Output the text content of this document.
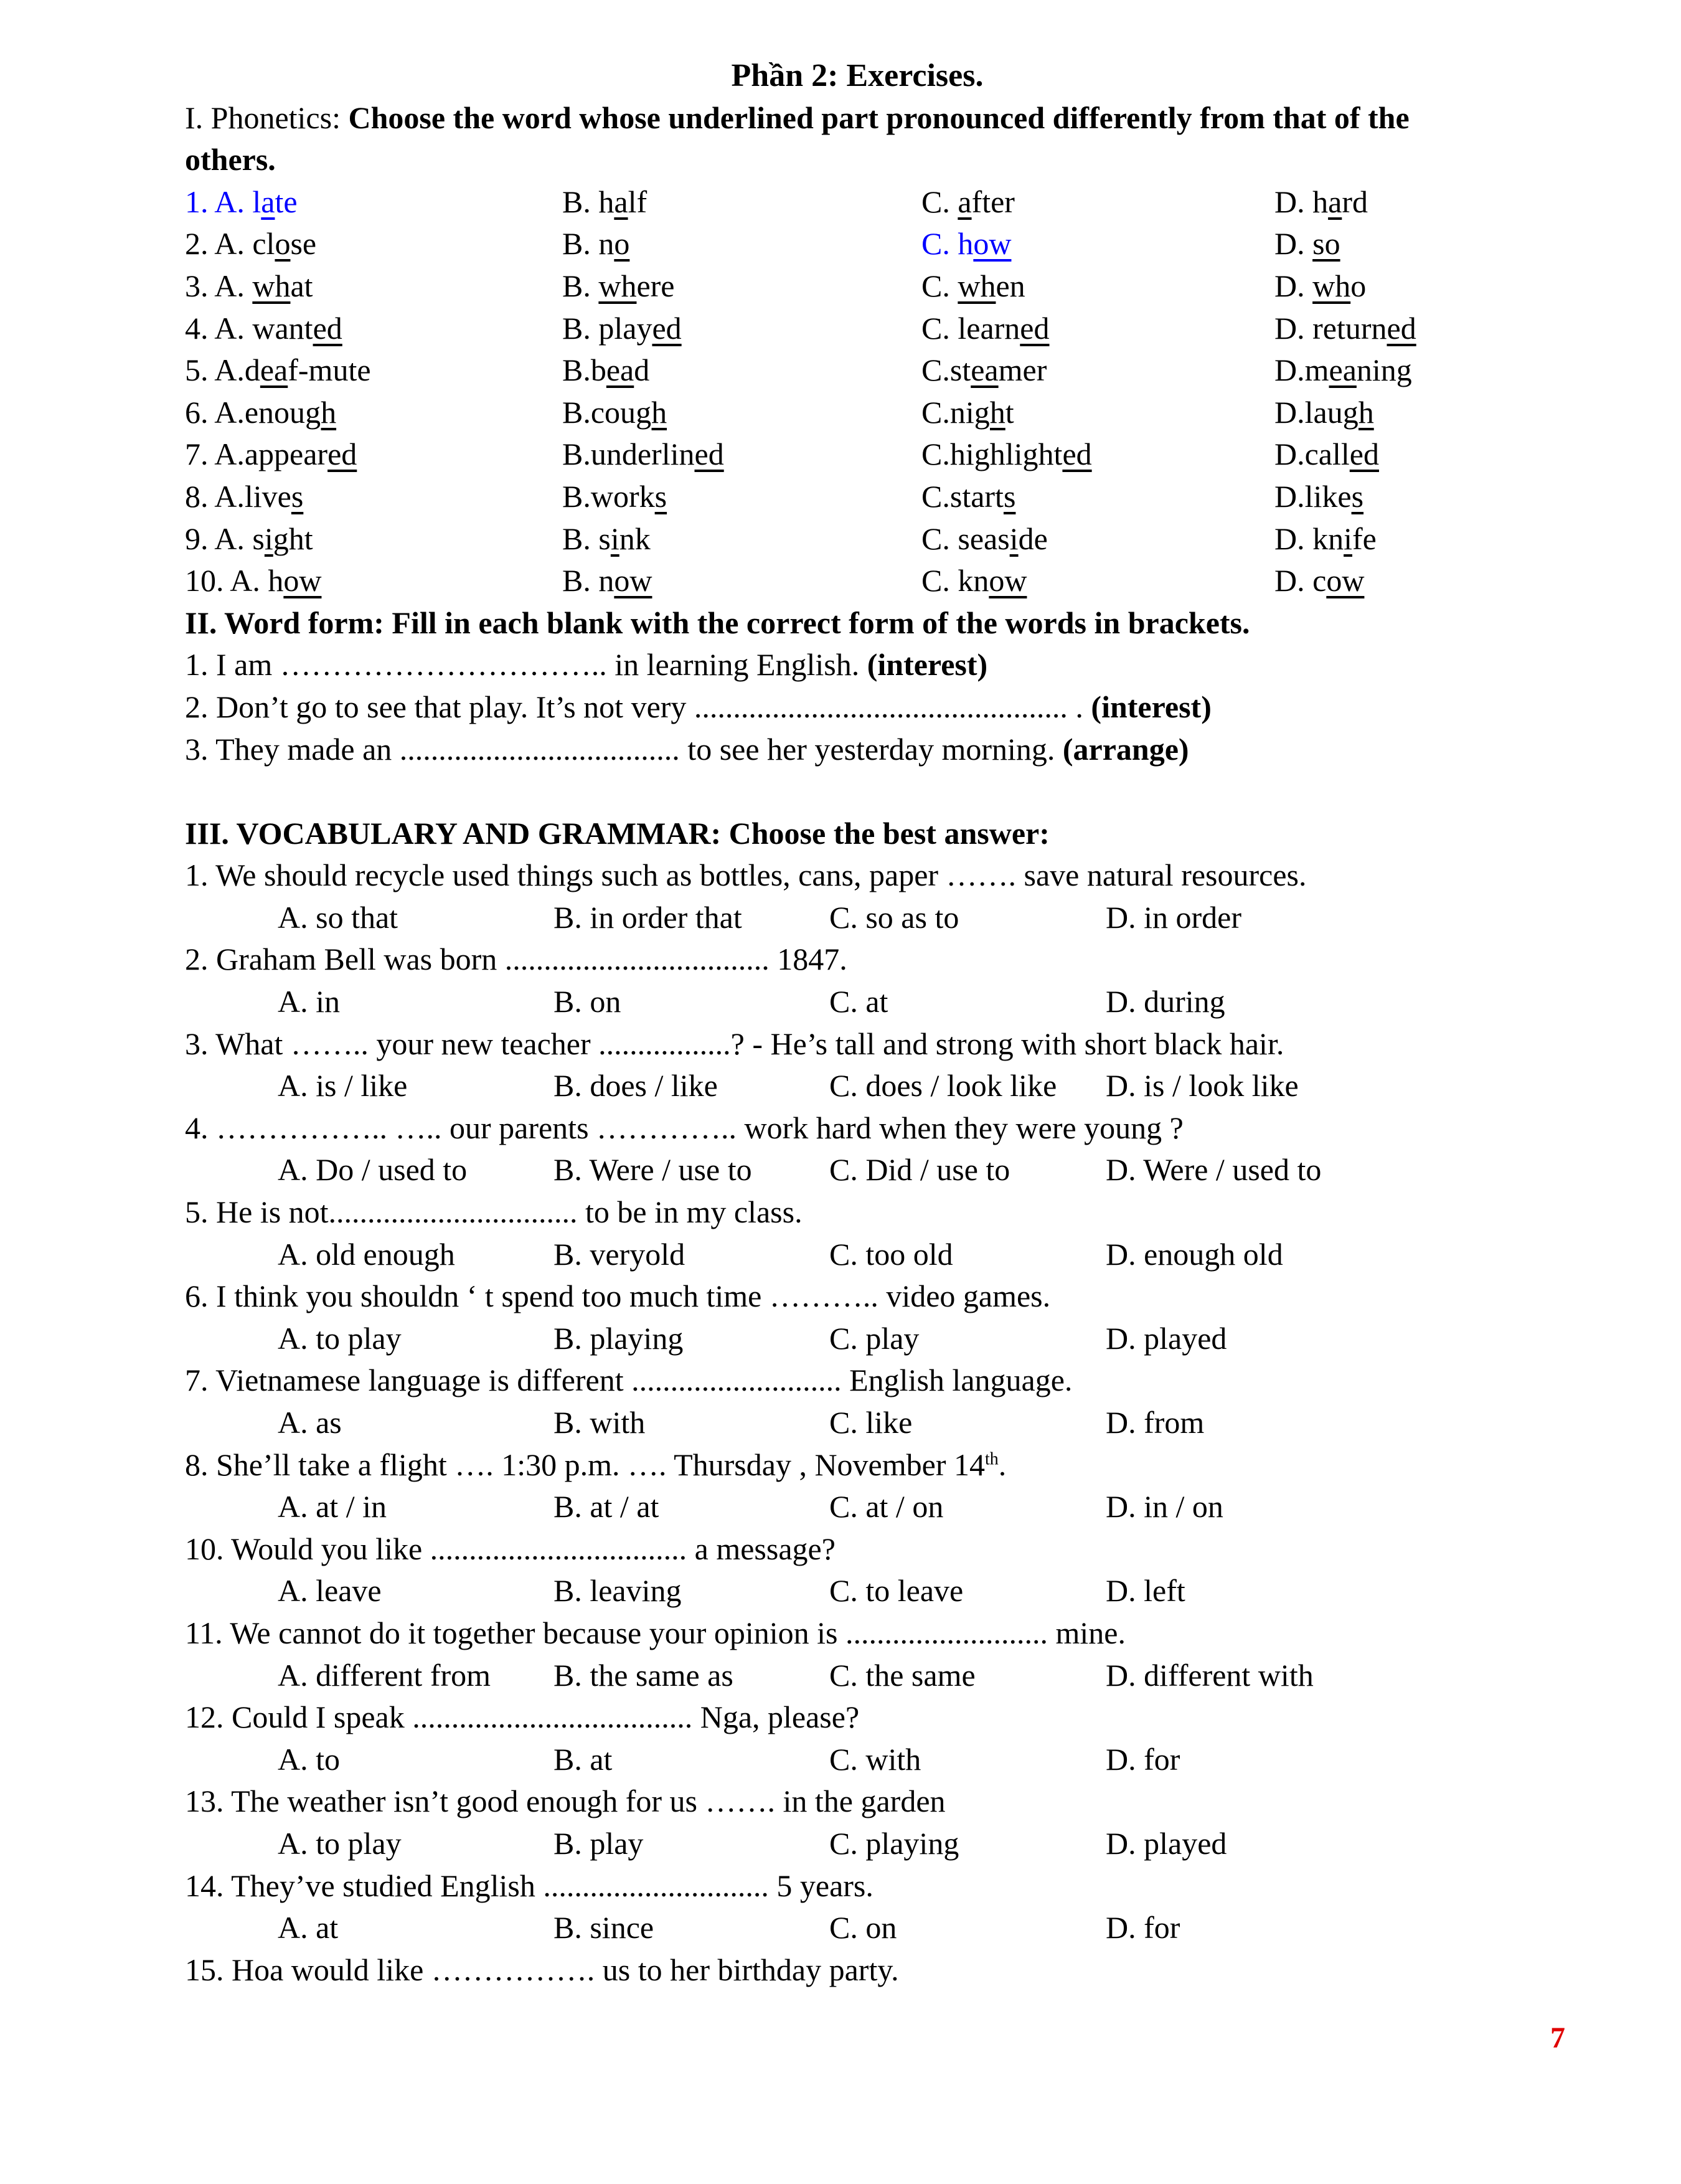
Phần 2: Exercises.
I. Phonetics: Choose the word whose underlined part pronounced differently from that of the
others.
1. A. late	B. half	C. after	D. hard
2. A. close	B. no	C. how	D. so
3. A. what	B. where	C. when	D. who
4. A. wanted	B. played	C. learned	D. returned
5. A.deaf-mute	B.bead	C.steamer	D.meaning
6. A.enough	B.cough	C.night	D.laugh
7. A.appeared	B.underlined	C.highlighted	D.called
8. A.lives	B.works	C.starts	D.likes
9. A. sight	B. sink	C. seaside	D. knife
10. A. how	B. now	C. know	D. cow
II. Word form: Fill in each blank with the correct form of the words in brackets.
1. I am ………………………….. in learning English. (interest)
2. Don’t go to see that play. It’s not very ................................................ . (interest)
3. They made an .................................... to see her yesterday morning. (arrange)
III. VOCABULARY AND GRAMMAR: Choose the best answer:
1. We should recycle used things such as bottles, cans, paper ……. save natural resources.
A. so that	B. in order that	C. so as to	D. in order
2. Graham Bell was born .................................. 1847.
A. in	B. on	C. at	D. during
3. What …….. your new teacher .................? - He’s tall and strong with short black hair.
A. is / like	B. does / like	C. does / look like D. is / look like
4. …………….. ….. our parents ………….. work hard when they were young ?
A. Do / used to	B. Were / use to C. Did / use to	D. Were / used to
5. He is not................................ to be in my class.
A. old enough	B. veryold	C. too old	D. enough old
6. I think you shouldn ‘ t spend too much time ……….. video games.
A. to play	B. playing	C. play	D. played
7. Vietnamese language is different ........................... English language.
A. as	B. with	C. like	D. from
8. She’ll take a flight …. 1:30 p.m. …. Thursday , November 14th.
A. at / in	B. at / at	C. at / on	D. in / on
10. Would you like ................................. a message?
A. leave	B. leaving	C. to leave	D. left
11. We cannot do it together because your opinion is .......................... mine.
A. different from B. the same as	C. the same	D. different with
12. Could I speak .................................... Nga, please?
A. to	B. at	C. with	D. for
13. The weather isn’t good enough for us ……. in the garden
A. to play	B. play	C. playing	D. played
14. They’ve studied English ............................. 5 years.
A. at	B. since	C. on	D. for
15. Hoa would like ……………. us to her birthday party.
7
